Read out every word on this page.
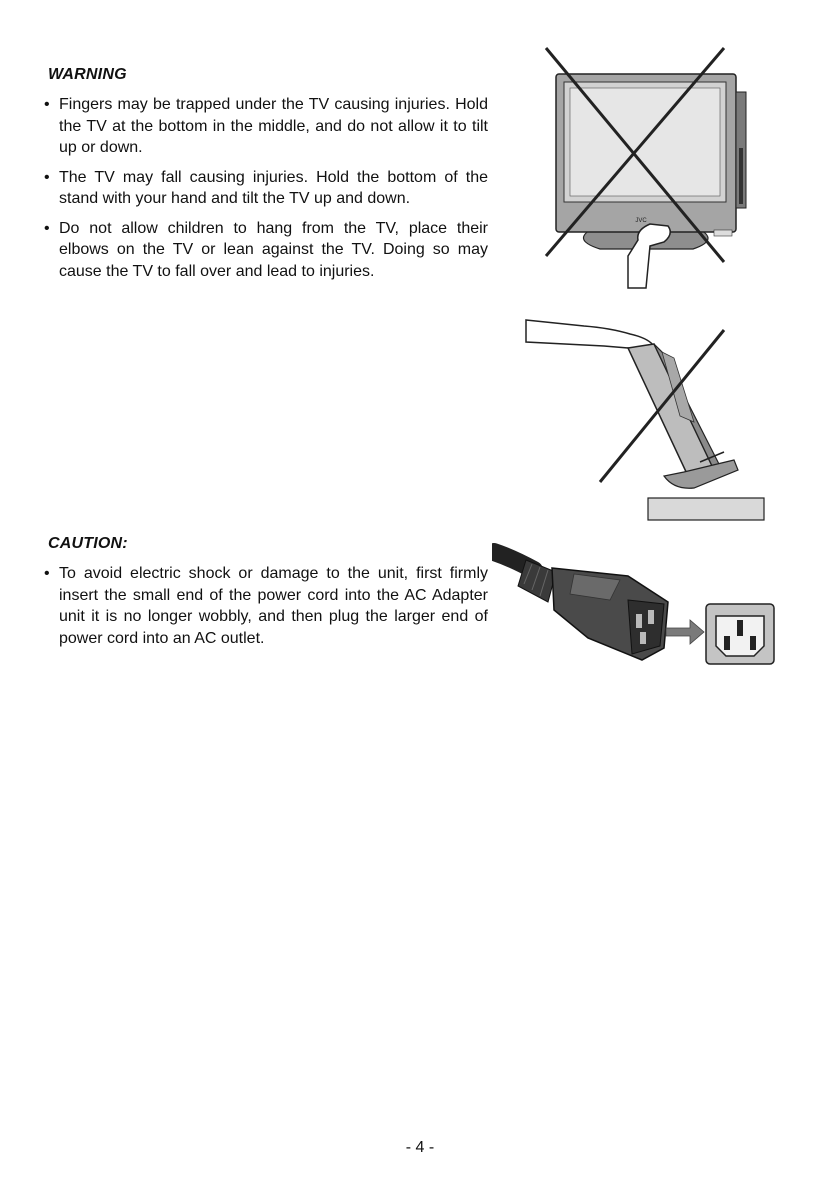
WARNING
• Fingers may be trapped under the TV causing injuries. Hold the TV at the bottom in the middle, and do not allow it to tilt up or down.
• The TV may fall causing injuries. Hold the bottom of the stand with your hand and tilt the TV up and down.
• Do not allow children to hang from the TV, place their elbows on the TV or lean against the TV. Doing so may cause the TV to fall over and lead to injuries.
JVC
CAUTION:
• To avoid electric shock or damage to the unit, first firmly insert the small end of the power cord into the AC Adapter unit it is no longer wobbly, and then plug the larger end of power cord into an AC outlet.
- 4 -
